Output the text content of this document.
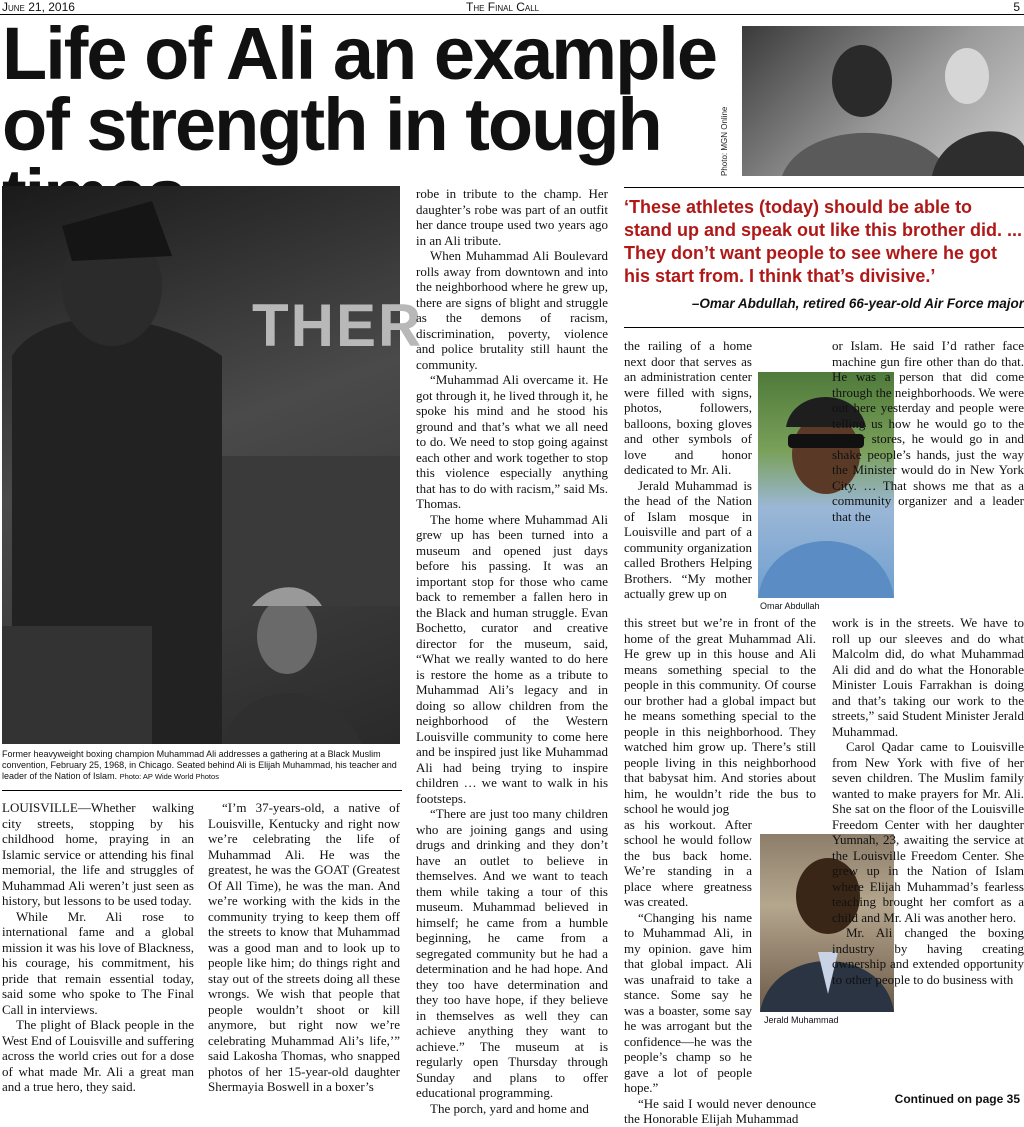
June 21, 2016	The Final Call	5
Life of Ali an example of strength in tough	Photo: MGN Online
THER
Former heavyweight boxing champion Muhammad Ali addresses a gathering at a Black Muslim convention, February 25, 1968, in Chicago. Seated behind Ali is Elijah Muhammad, his teacher and leader of the Nation of Islam. Photo: AP Wide World Photos

LOUISVILLE—Whether walking city streets, stopping by his childhood home, praying in an Islamic service or attending his final memorial, the life and struggles of Muhammad Ali weren’t just seen as history, but lessons to be used today.

While Mr. Ali rose to international fame and a global mission it was his love of Blackness, his courage, his commitment, his pride that remain essential today, said some who spoke to The Final Call in interviews.

The plight of Black people in the West End of Louisville and suffering across the world cries out for a dose of what made Mr. Ali a great man and a true hero, they said.

“I’m 37-years-old, a native of Louisville, Kentucky and right now we’re celebrating the life of Muhammad Ali. He was the greatest, he was the GOAT (Greatest Of All Time), he was the man. And we’re working with the kids in the community trying to keep them off the streets to know that Muhammad was a good man and to look up to people like him; do things right and stay out of the streets doing all these wrongs. We wish that people that people wouldn’t shoot or kill anymore, but right now we’re celebrating Muhammad Ali’s life,’” said Lakosha Thomas, who snapped photos of her 15-year-old daughter Shermayia Boswell in a boxer’s

robe in tribute to the champ. Her daughter’s robe was part of an outfit her dance troupe used two years ago in an Ali tribute.

When Muhammad Ali Boulevard rolls away from downtown and into the neighborhood where he grew up, there are signs of blight and struggle as the demons of racism, discrimination, poverty, violence and police brutality still haunt the community.

“Muhammad Ali overcame it. He got through it, he lived through it, he spoke his mind and he stood his ground and that’s what we all need to do. We need to stop going against each other and work together to stop this violence especially anything that has to do with racism,” said Ms. Thomas.

The home where Muhammad Ali grew up has been turned into a museum and opened just days before his passing. It was an important stop for those who came back to remember a fallen hero in the Black and human struggle. Evan Bochetto, curator and creative director for the museum, said, “What we really wanted to do here is restore the home as a tribute to Muhammad Ali’s legacy and in doing so allow children from the neighborhood of the Western Louisville community to come here and be inspired just like Muhammad Ali had being trying to inspire children … we want to walk in his footsteps.

“There are just too many children who are joining gangs and using drugs and drinking and they don’t have an outlet to believe in themselves. And we want to teach them while taking a tour of this museum. Muhammad believed in himself; he came from a humble beginning, he came from a segregated community but he had a determination and he had hope. And they too have determination and they too have hope, if they believe in themselves as well they can achieve anything they want to achieve.” The museum at is regularly open Thursday through Sunday and plans to offer educational programming.

The porch, yard and home and

‘These athletes (today) should be able to stand up and speak out like this brother did. ... They don’t want people to see where he got his start from. I think that’s divisive.’
–Omar Abdullah, retired 66-year-old Air Force major

the railing of a home next door that serves as an administration center were filled with signs, photos, followers, balloons, boxing gloves and other symbols of love and honor dedicated to Mr. Ali.

Jerald Muhammad is the head of the Nation of Islam mosque in Louisville and part of a community organization called Brothers Helping Brothers. “My mother actually grew up on

Omar Abdullah

this street but we’re in front of the home of the great Muhammad Ali. He grew up in this house and Ali means something special to the people in this community. Of course our brother had a global impact but he means something special to the people in this neighborhood. They watched him grow up. There’s still people living in this neighborhood that babysat him. And stories about him, he wouldn’t ride the bus to school he would jog

as his workout. After school he would follow the bus back home. We’re standing in a place where greatness was created.

“Changing his name to Muhammad Ali, in my opinion. gave him that global impact. Ali was unafraid to take a stance. Some say he was a boaster, some say he was arrogant but the confidence—he was the people’s champ so he gave a lot of people hope.”

“He said I would never denounce the Honorable Elijah Muhammad

Jerald Muhammad

or Islam. He said I’d rather face machine gun fire other than do that. He was a person that did come through the neighborhoods. We were out here yesterday and people were telling us how he would go to the corner stores, he would go in and shake people’s hands, just the way the Minister would do in New York City. … That shows me that as a community organizer and a leader that the

work is in the streets. We have to roll up our sleeves and do what Malcolm did, do what Muhammad Ali did and do what the Honorable Minister Louis Farrakhan is doing and that’s taking our work to the streets,” said Student Minister Jerald Muhammad.

Carol Qadar came to Louisville from New York with five of her seven children. The Muslim family wanted to make prayers for Mr. Ali. She sat on the floor of the Louisville Freedom Center with her daughter Yumnah, 23, awaiting the service at the Louisville Freedom Center. She grew up in the Nation of Islam where Elijah Muhammad’s fearless teaching brought her comfort as a child and Mr. Ali was another hero.

Mr. Ali changed the boxing industry by having creating ownership and extended opportunity to other people to do business with

Continued on page 35
